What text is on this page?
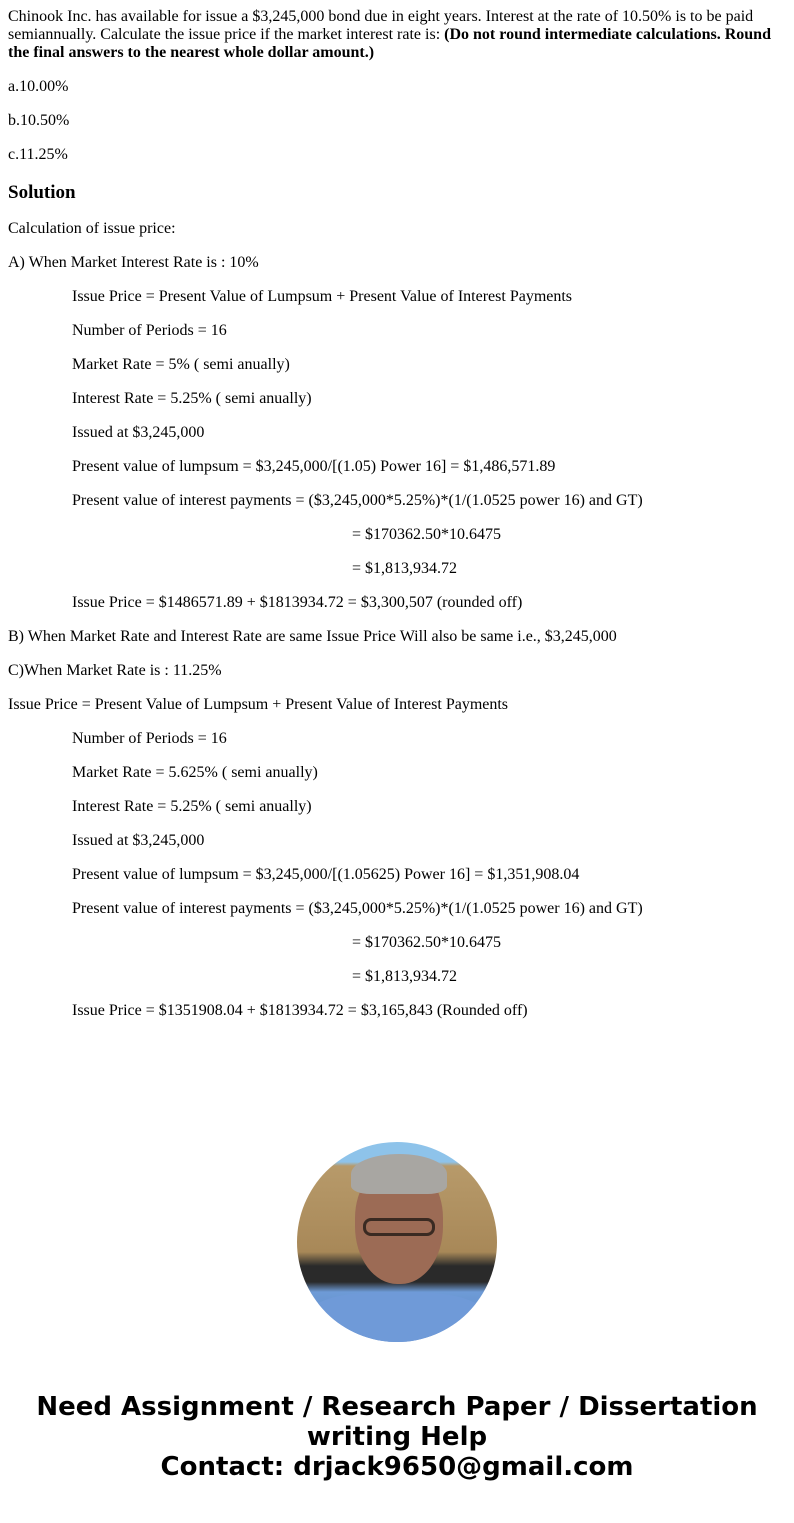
Chinook Inc. has available for issue a $3,245,000 bond due in eight years. Interest at the rate of 10.50% is to be paid semiannually. Calculate the issue price if the market interest rate is: (Do not round intermediate calculations. Round the final answers to the nearest whole dollar amount.)

a.10.00%

b.10.50%

c.11.25%

Solution

Calculation of issue price:

A) When Market Interest Rate is : 10%

Issue Price = Present Value of Lumpsum + Present Value of Interest Payments

Number of Periods = 16

Market Rate = 5% ( semi anually)

Interest Rate = 5.25% ( semi anually)

Issued at $3,245,000

Present value of lumpsum = $3,245,000/[(1.05) Power 16] = $1,486,571.89

Present value of interest payments = ($3,245,000*5.25%)*(1/(1.0525 power 16) and GT)

= $170362.50*10.6475

= $1,813,934.72

Issue Price = $1486571.89 + $1813934.72 = $3,300,507 (rounded off)

B) When Market Rate and Interest Rate are same Issue Price Will also be same i.e., $3,245,000

C)When Market Rate is : 11.25%

Issue Price = Present Value of Lumpsum + Present Value of Interest Payments

Number of Periods = 16

Market Rate = 5.625% ( semi anually)

Interest Rate = 5.25% ( semi anually)

Issued at $3,245,000

Present value of lumpsum = $3,245,000/[(1.05625) Power 16] = $1,351,908.04

Present value of interest payments = ($3,245,000*5.25%)*(1/(1.0525 power 16) and GT)

= $170362.50*10.6475

= $1,813,934.72

Issue Price = $1351908.04 + $1813934.72 = $3,165,843 (Rounded off)

Need Assignment / Research Paper / Dissertation writing Help
Contact: drjack9650@gmail.com
